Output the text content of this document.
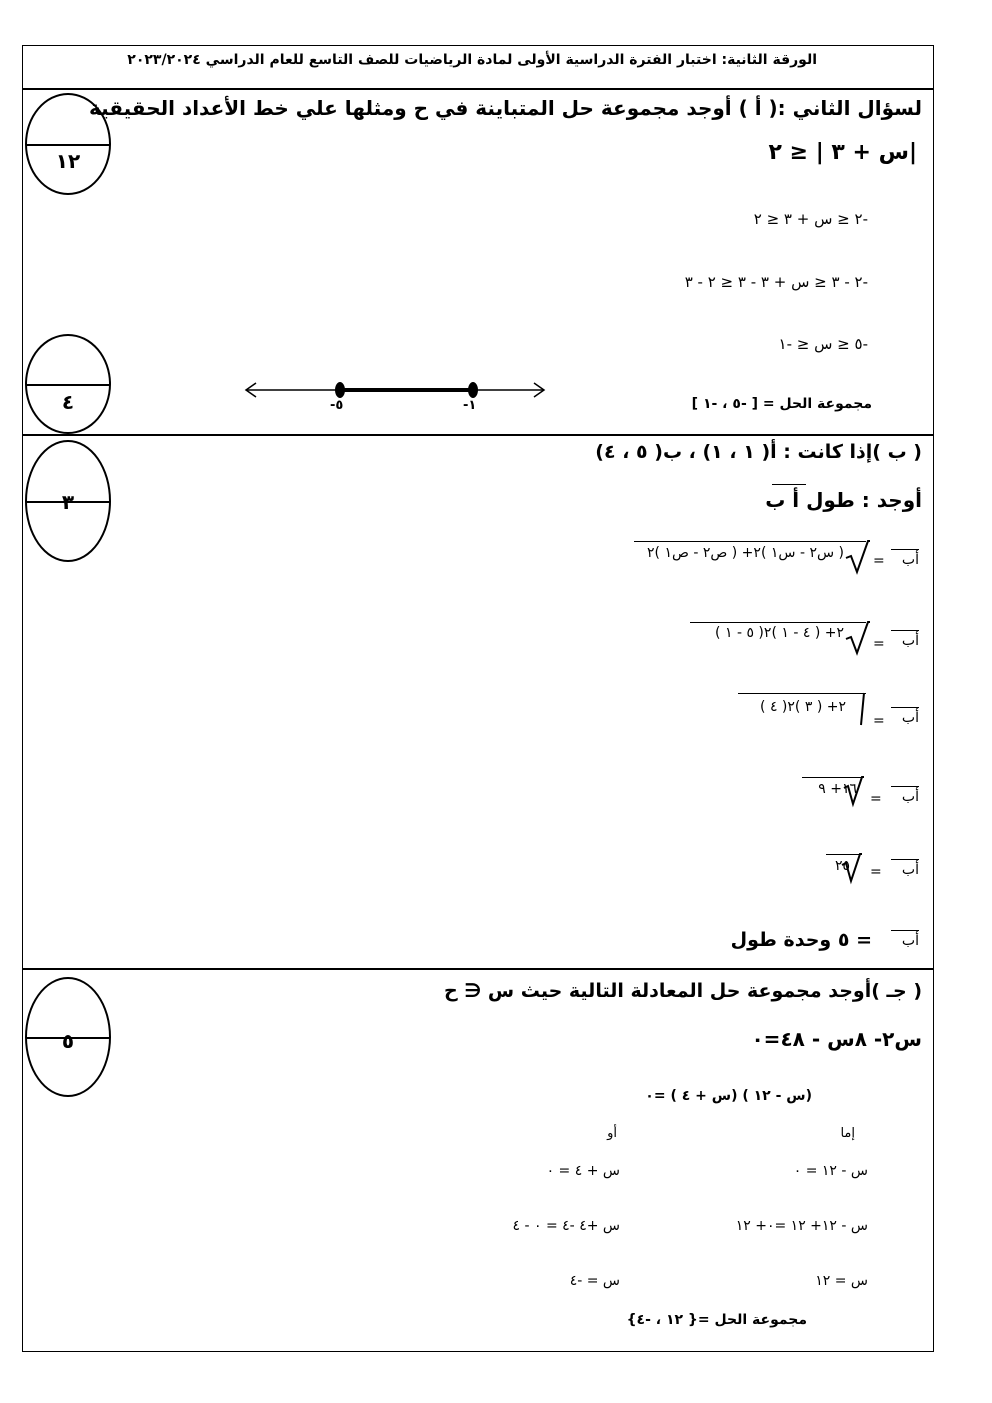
الورقة الثانية: اختبار الفترة الدراسية الأولى لمادة الرياضيات للصف التاسع للعام الدراسي ٢٠٢٣/٢٠٢٤
لسؤال الثاني :( أ ) أوجد مجموعة حل المتباينة في ح ومثلها علي خط الأعداد الحقيقية
|س + ٣ | ≤ ٢
-٢ ≤ س + ٣ ≤ ٢
-٢ - ٣ ≤ س + ٣ - ٣ ≤ ٢ - ٣
-٥ ≤ س ≤ -١
مجموعة الحل = [ -٥ ، -١ ]
-٥	-١
١٢
٤
( ب )إذا كانت : أ( ١ ، ١) ، ب( ٥ ، ٤)
أوجد : طول أ ب
أب
=
( س٢ - س١ )٢+ ( ص٢ - ص١ )٢
أب
=
( ٥ - ١ )٢+ ( ٤ - ١ )٢
أب
=
( ٤ )٢+ ( ٣ )٢
أب
=
١٦+ ٩
أب
=
٢٥
أب
= ٥ وحدة طول
٣
( جـ )أوجد مجموعة حل المعادلة التالية حيث س ∈ ح
س٢- ٨س - ٤٨=٠
(س - ١٢ ) (س + ٤ ) =٠
إما
أو
س - ١٢ = ٠
س - ١٢+ ١٢ =٠+ ١٢
س = ١٢
س + ٤ = ٠
س +٤ -٤ = ٠ - ٤
س = -٤
مجموعة الحل ={ ١٢ ، -٤}
٥
